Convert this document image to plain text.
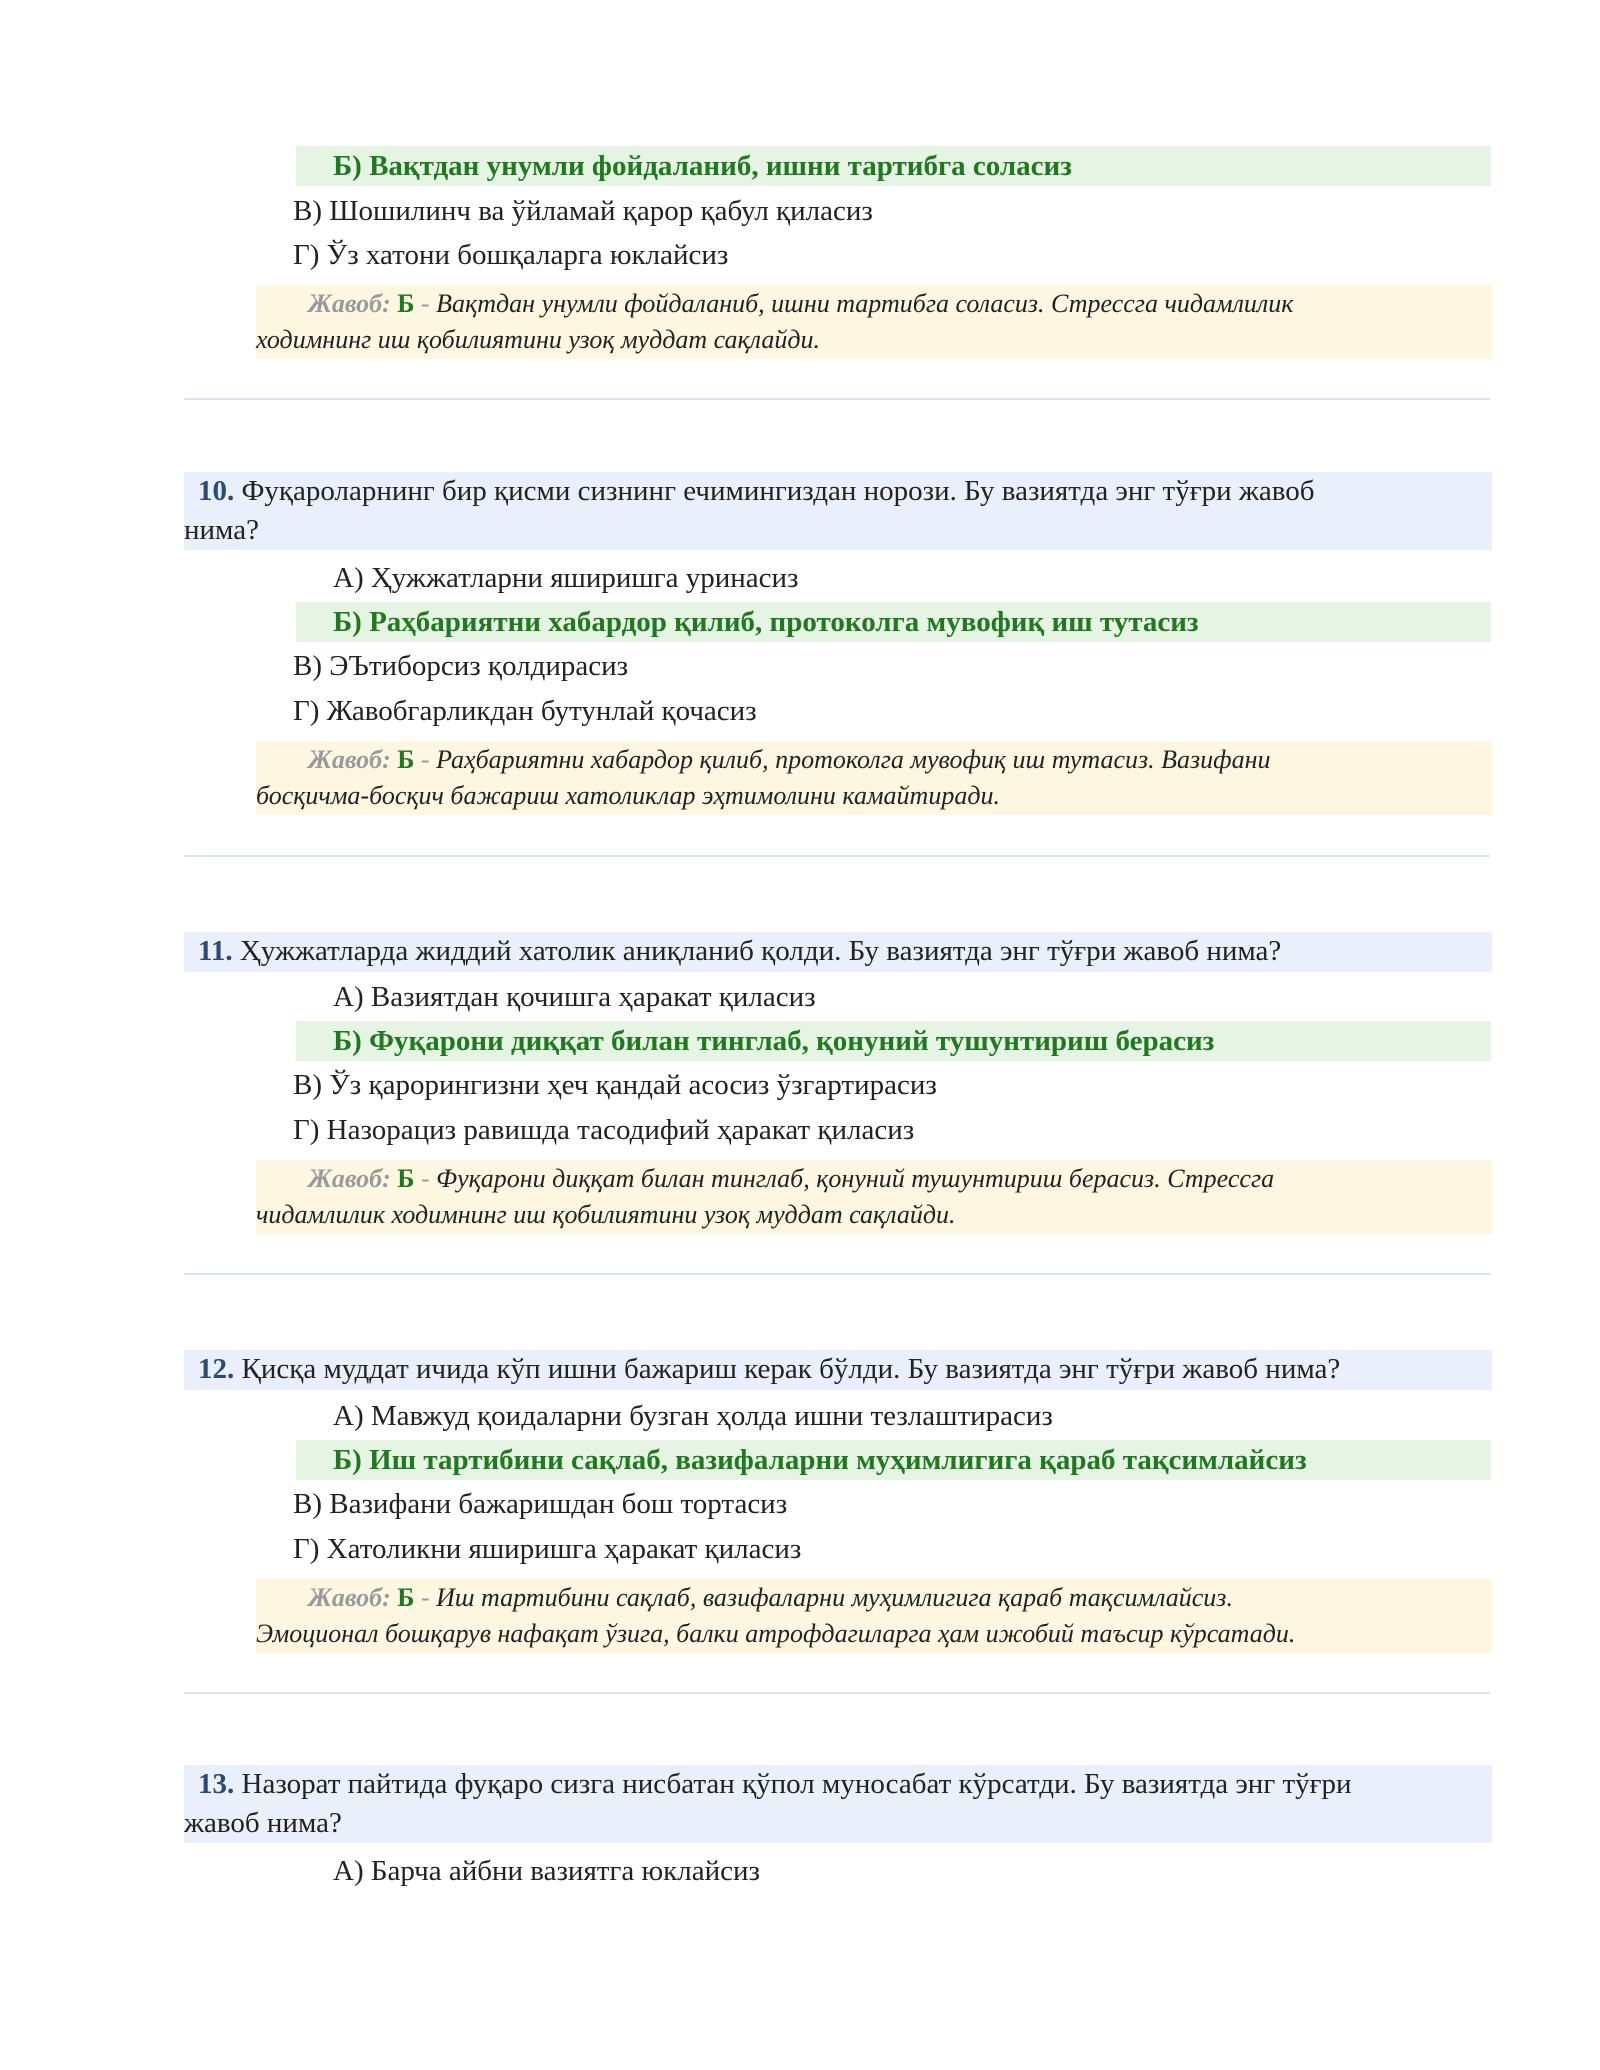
Б) Вақтдан унумли фойдаланиб, ишни тартибга соласиз
В) Шошилинч ва ўйламай қарор қабул қиласиз
Г) Ўз хатони бошқаларга юклайсиз
Жавоб: Б - Вақтдан унумли фойдаланиб, ишни тартибга соласиз. Стрессга чидамлилик
ходимнинг иш қобилиятини узоқ муддат сақлайди.
10. Фуқароларнинг бир қисми сизнинг ечимингиздан норози. Бу вазиятда энг тўғри жавоб
нима?
А) Ҳужжатларни яширишга уринасиз
Б) Раҳбариятни хабардор қилиб, протоколга мувофиқ иш тутасиз
В) ЭЪтиборсиз қолдирасиз
Г) Жавобгарликдан бутунлай қочасиз
Жавоб: Б - Раҳбариятни хабардор қилиб, протоколга мувофиқ иш тутасиз. Вазифани
босқичма-босқич бажариш хатоликлар эҳтимолини камайтиради.
11. Ҳужжатларда жиддий хатолик аниқланиб қолди. Бу вазиятда энг тўғри жавоб нима?
А) Вазиятдан қочишга ҳаракат қиласиз
Б) Фуқарони диққат билан тинглаб, қонуний тушунтириш берасиз
В) Ўз қарорингизни ҳеч қандай асосиз ўзгартирасиз
Г) Назорациз равишда тасодифий ҳаракат қиласиз
Жавоб: Б - Фуқарони диққат билан тинглаб, қонуний тушунтириш берасиз. Стрессга
чидамлилик ходимнинг иш қобилиятини узоқ муддат сақлайди.
12. Қисқа муддат ичида кўп ишни бажариш керак бўлди. Бу вазиятда энг тўғри жавоб нима?
А) Мавжуд қоидаларни бузган ҳолда ишни тезлаштирасиз
Б) Иш тартибини сақлаб, вазифаларни муҳимлигига қараб тақсимлайсиз
В) Вазифани бажаришдан бош тортасиз
Г) Хатоликни яширишга ҳаракат қиласиз
Жавоб: Б - Иш тартибини сақлаб, вазифаларни муҳимлигига қараб тақсимлайсиз.
Эмоционал бошқарув нафақат ўзига, балки атрофдагиларга ҳам ижобий таъсир кўрсатади.
13. Назорат пайтида фуқаро сизга нисбатан қўпол муносабат кўрсатди. Бу вазиятда энг тўғри
жавоб нима?
А) Барча айбни вазиятга юклайсиз
